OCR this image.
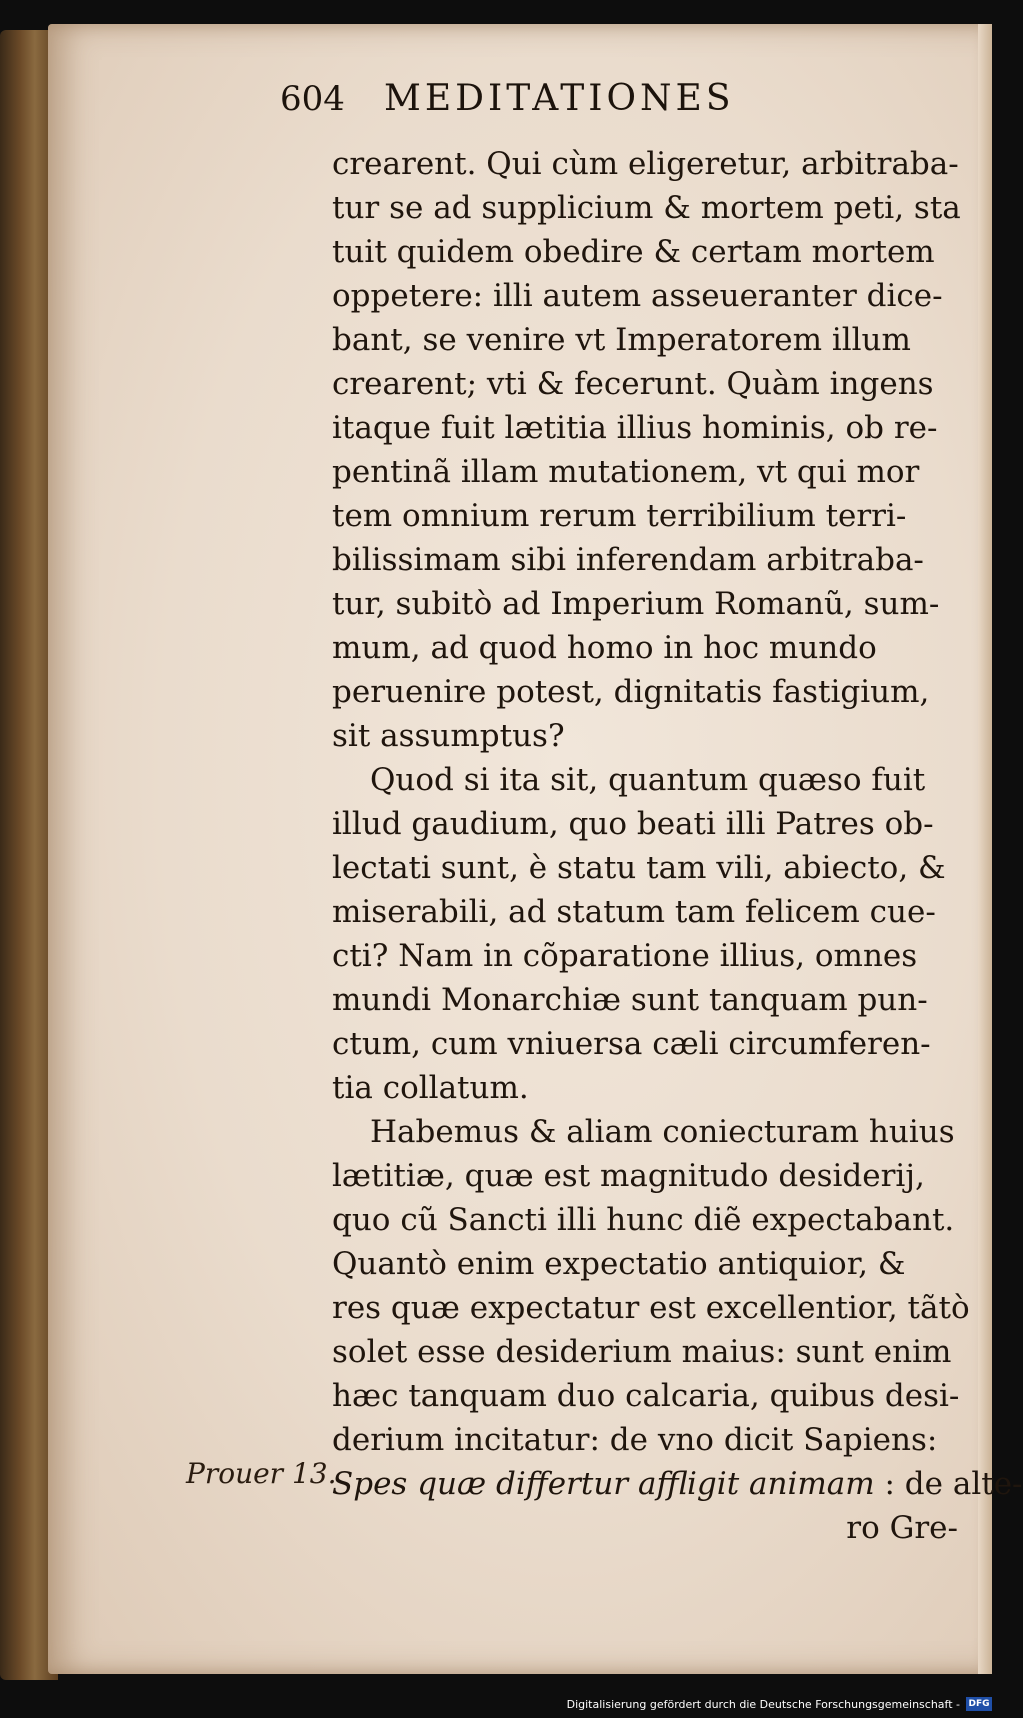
604 MEDITATIONES
crearent. Qui cùm eligeretur, arbitraba-
tur se ad supplicium & mortem peti, sta
tuit quidem obedire & certam mortem
oppetere: illi autem asseueranter dice-
bant, se venire vt Imperatorem illum
crearent; vti & fecerunt. Quàm ingens
itaque fuit lætitia illius hominis, ob re-
pentinã illam mutationem, vt qui mor
tem omnium rerum terribilium terri-
bilissimam sibi inferendam arbitraba-
tur, subitò ad Imperium Romanũ, sum-
mum, ad quod homo in hoc mundo
peruenire potest, dignitatis fastigium,
sit assumptus?
Quod si ita sit, quantum quæso fuit
illud gaudium, quo beati illi Patres ob-
lectati sunt, è statu tam vili, abiecto, &
miserabili, ad statum tam felicem cue-
cti? Nam in cõparatione illius, omnes
mundi Monarchiæ sunt tanquam pun-
ctum, cum vniuersa cæli circumferen-
tia collatum.
Habemus & aliam coniecturam huius
lætitiæ, quæ est magnitudo desiderij,
quo cũ Sancti illi hunc diẽ expectabant.
Quantò enim expectatio antiquior, &
res quæ expectatur est excellentior, tãtò
solet esse desiderium maius: sunt enim
hæc tanquam duo calcaria, quibus desi-
derium incitatur: de vno dicit Sapiens:
Spes quæ differtur affligit animam : de alte-
ro Gre-
Prouer 13.
Digitalisierung gefördert durch die Deutsche Forschungsgemeinschaft - DFG
